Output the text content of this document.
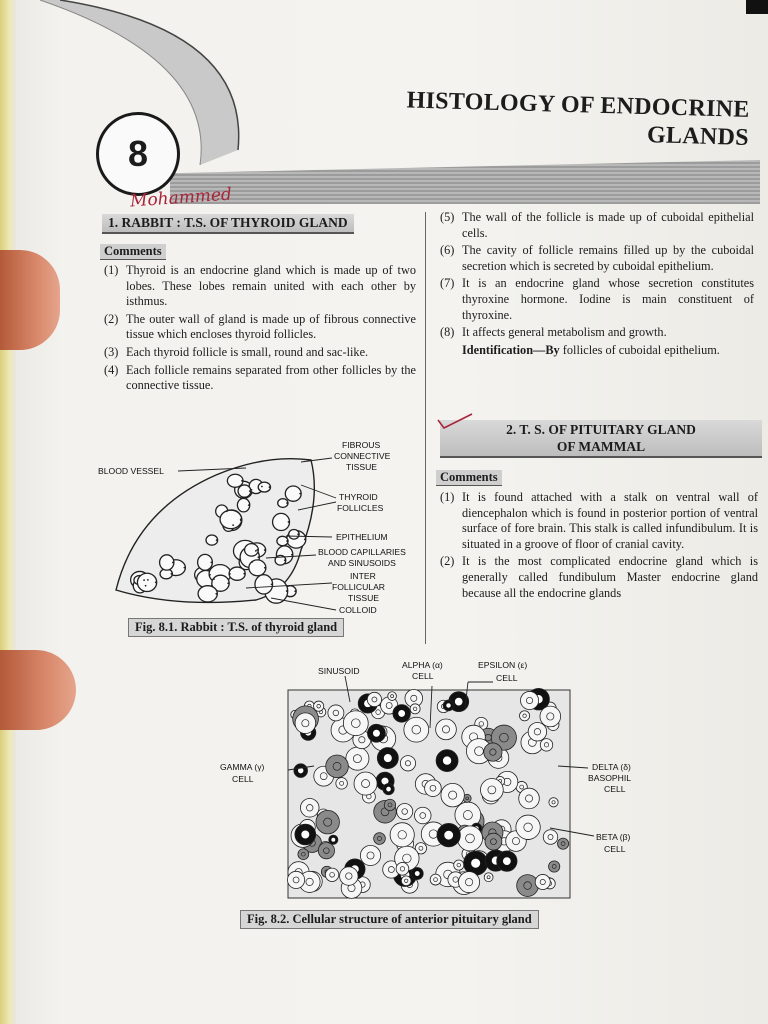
8
HISTOLOGY OF ENDOCRINE
GLANDS
Mohammed
1. RABBIT : T.S. OF THYROID GLAND
Comments
(1) Thyroid is an endocrine gland which is made up of two lobes. These lobes remain united with each other by isthmus.
(2) The outer wall of gland is made up of fibrous connective tissue which encloses thyroid follicles.
(3) Each thyroid follicle is small, round and sac-like.
(4) Each follicle remains separated from other follicles by the connective tissue.
BLOOD VESSEL
FIBROUS
CONNECTIVE
TISSUE
THYROID
FOLLICLES
EPITHELIUM
BLOOD CAPILLARIES
AND SINUSOIDS
INTER
FOLLICULAR
TISSUE
COLLOID
Fig. 8.1. Rabbit : T.S. of thyroid gland
(5) The wall of the follicle is made up of cuboidal epithelial cells.
(6) The cavity of follicle remains filled up by the cuboidal secretion which is secreted by cuboidal epithelium.
(7) It is an endocrine gland whose secretion constitutes thyroxine hormone. Iodine is main constituent of thyroxine.
(8) It affects general metabolism and growth.
Identification—By follicles of cuboidal epithelium.
2. T. S. OF PITUITARY GLAND
OF MAMMAL
Comments
(1) It is found attached with a stalk on ventral wall of diencephalon which is found in posterior portion of ventral surface of fore brain. This stalk is called infundibulum. It is situated in a groove of floor of cranial cavity.
(2) It is the most complicated endocrine gland which is generally called fundibulum Master endocrine gland because all the endocrine glands
SINUSOID
ALPHA (α)
CELL
EPSILON (ε)
CELL
GAMMA (γ)
CELL
DELTA (δ)
BASOPHIL
CELL
BETA (β)
CELL
Fig. 8.2. Cellular structure of anterior pituitary gland
